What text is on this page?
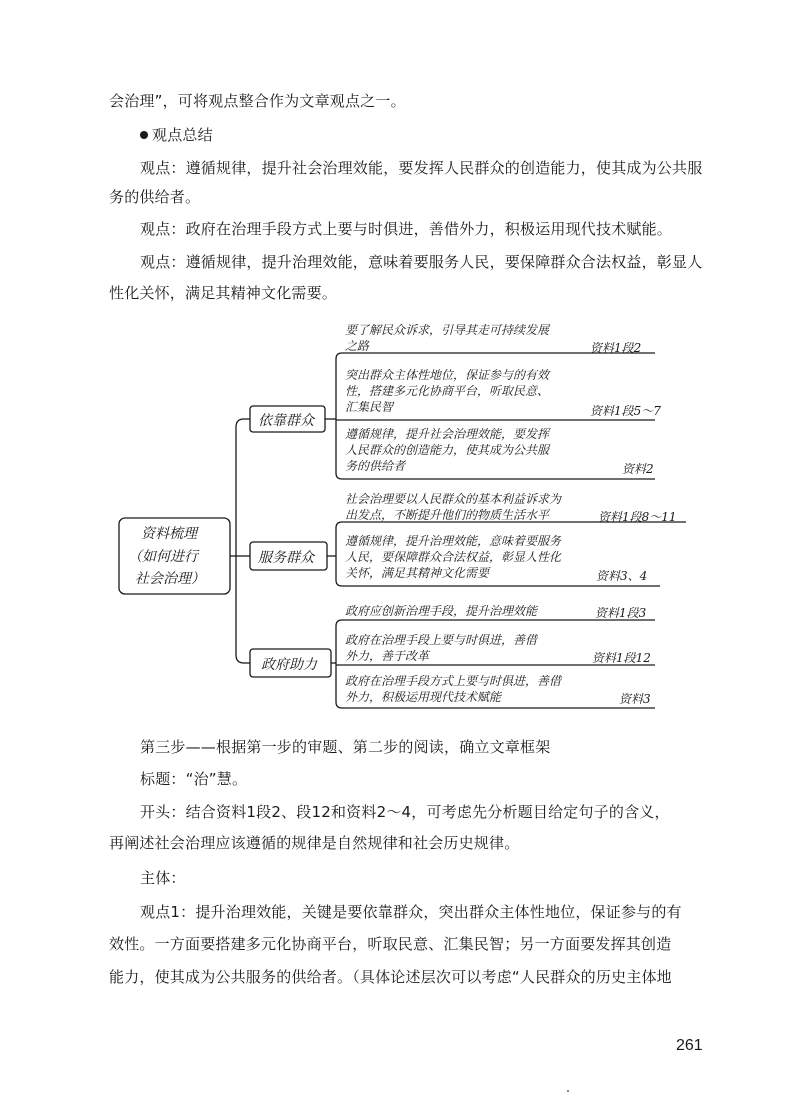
会治理”，可将观点整合作为文章观点之一。
观点总结
观点：遵循规律，提升社会治理效能，要发挥人民群众的创造能力，使其成为公共服
务的供给者。
观点：政府在治理手段方式上要与时俱进，善借外力，积极运用现代技术赋能。
观点：遵循规律，提升治理效能，意味着要服务人民，要保障群众合法权益，彰显人
性化关怀，满足其精神文化需要。
资料梳理
（如何进行
社会治理）
依靠群众
服务群众
政府助力
要了解民众诉求，引导其走可持续发展
之路	资料1段2
突出群众主体性地位，保证参与的有效
性，搭建多元化协商平台，听取民意、
汇集民智	资料1段5～7
遵循规律，提升社会治理效能，要发挥
人民群众的创造能力，使其成为公共服
务的供给者	资料2
社会治理要以人民群众的基本利益诉求为
出发点，不断提升他们的物质生活水平	资料1段8～11
遵循规律，提升治理效能，意味着要服务
人民，要保障群众合法权益，彰显人性化
关怀，满足其精神文化需要	资料3、4
政府应创新治理手段，提升治理效能	资料1段3
政府在治理手段上要与时俱进，善借
外力，善于改革	资料1段12
政府在治理手段方式上要与时俱进，善借
外力，积极运用现代技术赋能	资料3
第三步——根据第一步的审题、第二步的阅读，确立文章框架
标题：“治”慧。
开头：结合资料1段2、段12和资料2～4，可考虑先分析题目给定句子的含义，
再阐述社会治理应该遵循的规律是自然规律和社会历史规律。
主体：
观点1：提升治理效能，关键是要依靠群众，突出群众主体性地位，保证参与的有
效性。一方面要搭建多元化协商平台，听取民意、汇集民智；另一方面要发挥其创造
能力，使其成为公共服务的供给者。（具体论述层次可以考虑“人民群众的历史主体地
261
